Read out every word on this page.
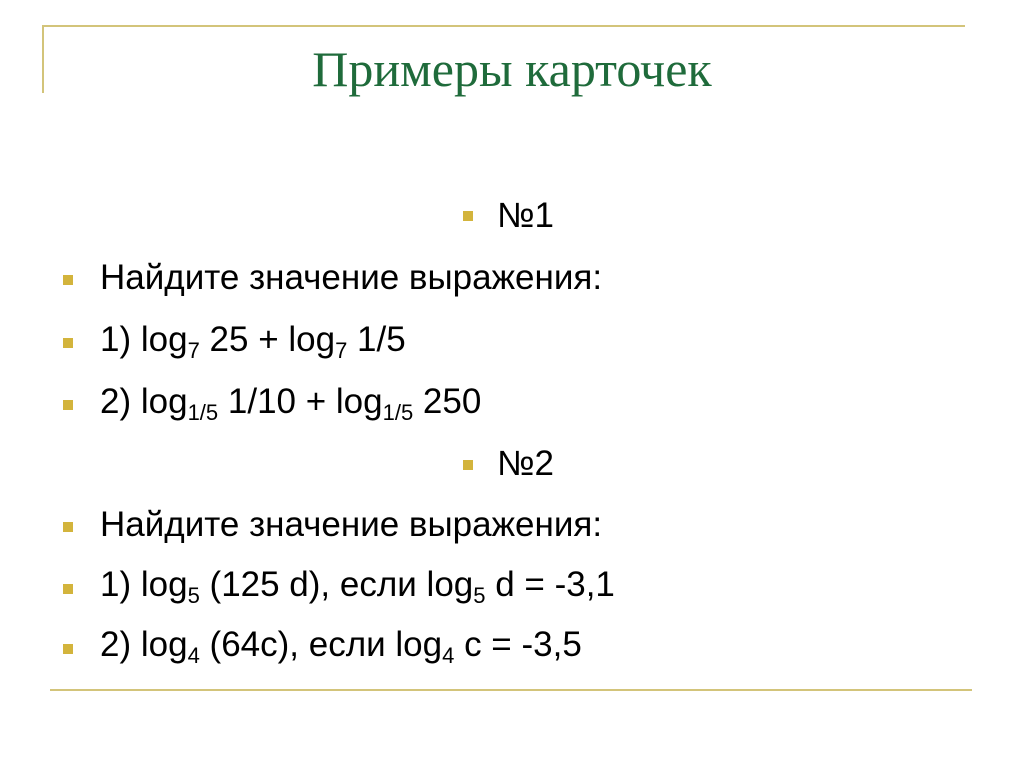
Примеры карточек
№1
Найдите значение выражения:
1) $\log_7 25 + \log_7 1/5$
2) $\log_{1/5} 1/10 + \log_{1/5} 250$
№2
Найдите значение выражения:
1) $\log_5 (125$ d), если $\log_5 d = -3,1$
2) $\log_4 (64с)$, если $\log_4 с = -3,5$
